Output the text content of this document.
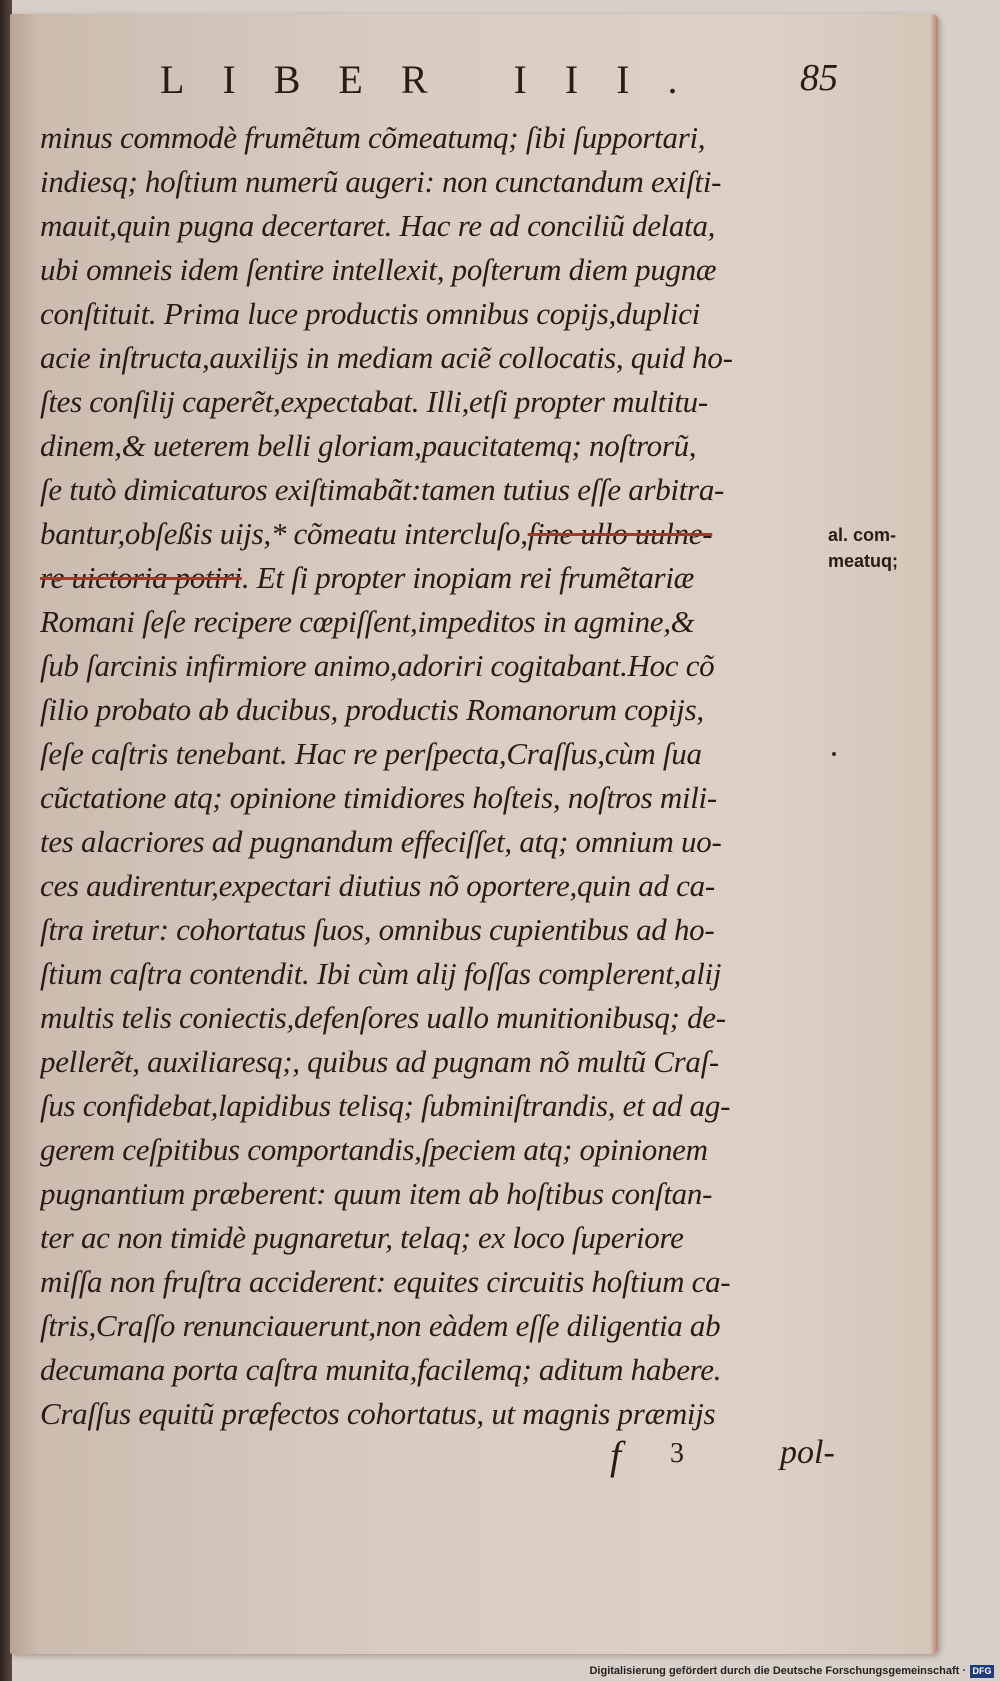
LIBER III. 85
minus commodè frumẽtum cõmeatumq; ſibi ſupportari,
indiesq; hoſtium numerũ augeri: non cunctandum exiſti-
mauit,quin pugna decertaret. Hac re ad conciliũ delata,
ubi omneis idem ſentire intellexit, poſterum diem pugnæ
conſtituit. Prima luce productis omnibus copijs,duplici
acie inſtructa,auxilijs in mediam aciẽ collocatis, quid ho-
ſtes conſilij caperẽt,expectabat. Illi,etſi propter multitu-
dinem,& ueterem belli gloriam,paucitatemq; noſtrorũ,
ſe tutò dimicaturos exiſtimabãt:tamen tutius eſſe arbitra-
bantur,obſeßis uijs,* cõmeatu intercluſo,ſine ullo uulne-
re uictoria potiri. Et ſi propter inopiam rei frumẽtariæ
Romani ſeſe recipere cœpiſſent,impeditos in agmine,&
ſub ſarcinis infirmiore animo,adoriri cogitabant.Hoc cõ
ſilio probato ab ducibus, productis Romanorum copijs,
ſeſe caſtris tenebant. Hac re perſpecta,Craſſus,cùm ſua
cũctatione atq; opinione timidiores hoſteis, noſtros mili-
tes alacriores ad pugnandum effeciſſet, atq; omnium uo-
ces audirentur,expectari diutius nõ oportere,quin ad ca-
ſtra iretur: cohortatus ſuos, omnibus cupientibus ad ho-
ſtium caſtra contendit. Ibi cùm alij foſſas complerent,alij
multis telis coniectis,defenſores uallo munitionibusq; de-
pellerẽt, auxiliaresq;, quibus ad pugnam nõ multũ Craſ-
ſus confidebat,lapidibus telisq; ſubminiſtrandis, et ad ag-
gerem ceſpitibus comportandis,ſpeciem atq; opinionem
pugnantium præberent: quum item ab hoſtibus conſtan-
ter ac non timidè pugnaretur, telaq; ex loco ſuperiore
miſſa non fruſtra acciderent: equites circuitis hoſtium ca-
ſtris,Craſſo renunciauerunt,non eàdem eſſe diligentia ab
decumana porta caſtra munita,facilemq; aditum habere.
Craſſus equitũ præfectos cohortatus, ut magnis præmijs
al. com-
meatuq;
f 3	pol-
Digitalisierung gefördert durch die Deutsche Forschungsgemeinschaft · DFG
